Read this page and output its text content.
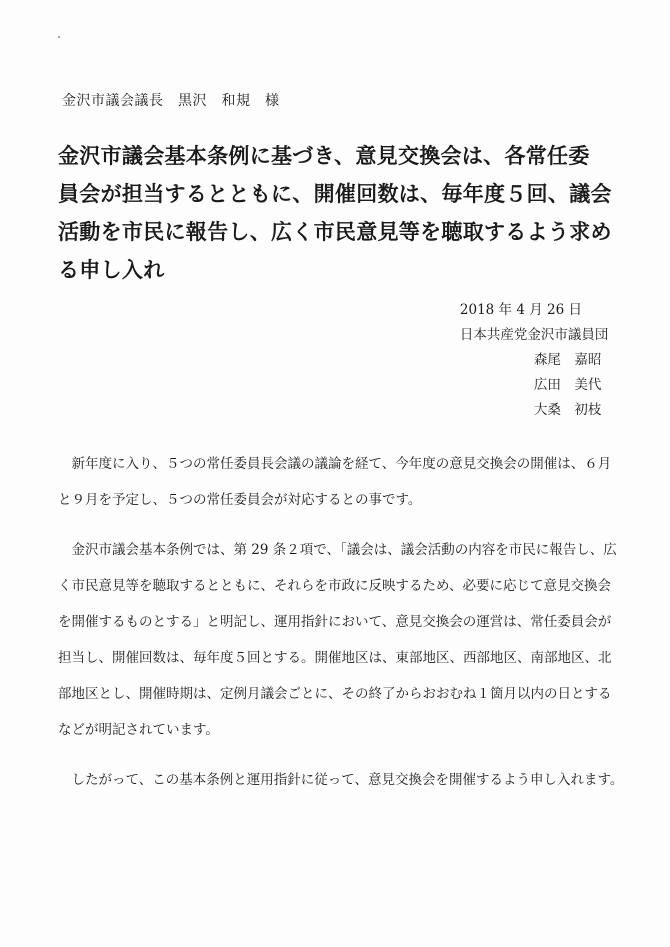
金沢市議会議長　黒沢　和規　様
金沢市議会基本条例に基づき、意見交換会は、各常任委
員会が担当するとともに、開催回数は、毎年度５回、議会
活動を市民に報告し、広く市民意見等を聴取するよう求め
る申し入れ
2018 年 4 月 26 日
日本共産党金沢市議員団
森尾　嘉昭
広田　美代
大桑　初枝

　新年度に入り、５つの常任委員長会議の議論を経て、今年度の意見交換会の開催は、６月
と９月を予定し、５つの常任委員会が対応するとの事です。

　金沢市議会基本条例では、第 29 条２項で、「議会は、議会活動の内容を市民に報告し、広
く市民意見等を聴取するとともに、それらを市政に反映するため、必要に応じて意見交換会
を開催するものとする」と明記し、運用指針において、意見交換会の運営は、常任委員会が
担当し、開催回数は、毎年度５回とする。開催地区は、東部地区、西部地区、南部地区、北
部地区とし、開催時期は、定例月議会ごとに、その終了からおおむね１箇月以内の日とする
などが明記されています。

　したがって、この基本条例と運用指針に従って、意見交換会を開催するよう申し入れます。
